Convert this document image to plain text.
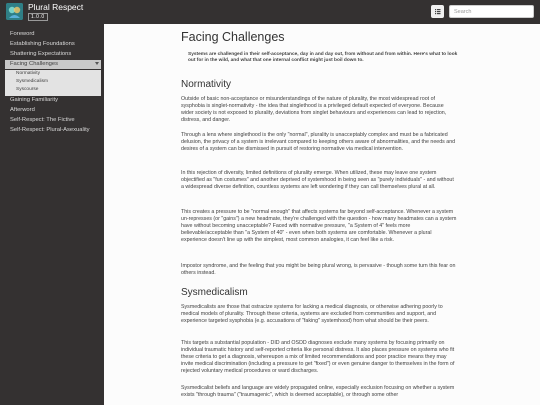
Plural Respect
1.0.0
Search
Foreword
Establishing Foundations
Shattering Expectations
Facing Challenges
Normativity
Sysmedicalism
Syscourse
Gaining Familiarity
Afterword
Self-Respect: The Fictive
Self-Respect: Plural-Asexuality
Facing Challenges
Systems are challenged in their self-acceptance, day in and day out, from without and from within. Here's what to look out for in the wild, and what that one internal conflict might just boil down to.
Normativity

Outside of basic non-acceptance or misunderstandings of the nature of plurality, the most widespread root of sysphobia is singlet-normativity - the idea that singlethood is a privileged default expected of everyone. Because wider society is not exposed to plurality, deviations from singlet behaviours and experiences can lead to rejection, distress, and danger.

Through a lens where singlethood is the only "normal", plurality is unacceptably complex and must be a fabricated delusion, the privacy of a system is irrelevant compared to keeping others aware of abnormalities, and the needs and desires of a system can be dismissed in pursuit of restoring normative via medical intervention.

In this rejection of diversity, limited definitions of plurality emerge. When utilized, these may leave one system objectified as "fun costumes" and another deprived of systemhood in being seen as "purely individuals" - and without a widespread diverse definition, countless systems are left wondering if they can call themselves plural at all.

This creates a pressure to be "normal enough" that affects systems far beyond self-acceptance. Whenever a system un-represses (or "gains") a new headmate, they're challenged with the question - how many headmates can a system have without becoming unacceptable? Faced with normative pressure, "a System of 4" feels more believable/acceptable than "a System of 40" - even when both systems are comfortable. Whenever a plural experience doesn't line up with the simplest, most common analogies, it can feel like a risk.

Impostor syndrome, and the feeling that you might be being plural wrong, is pervasive - though some turn this fear on others instead.

Sysmedicalism

Sysmedicalists are those that ostracize systems for lacking a medical diagnosis, or otherwise adhering poorly to medical models of plurality. Through these criteria, systems are excluded from communities and support, and experience targeted sysphobia (e.g. accusations of "faking" systemhood) from what should be their peers.

This targets a substantial population - DID and OSDD diagnoses exclude many systems by focusing primarily on individual traumatic history and self-reported criteria like personal distress. It also places pressure on systems who fit these criteria to get a diagnosis, whereupon a mix of limited recommendations and poor practice means they may invite medical discrimination (including a pressure to get "fixed") or even genuine danger to themselves in the form of rejected voluntary medical procedures or ward discharges.

Sysmedicalist beliefs and language are widely propagated online, especially exclusion focusing on whether a system exists "through trauma" ("traumagenic", which is deemed acceptable), or through some other
